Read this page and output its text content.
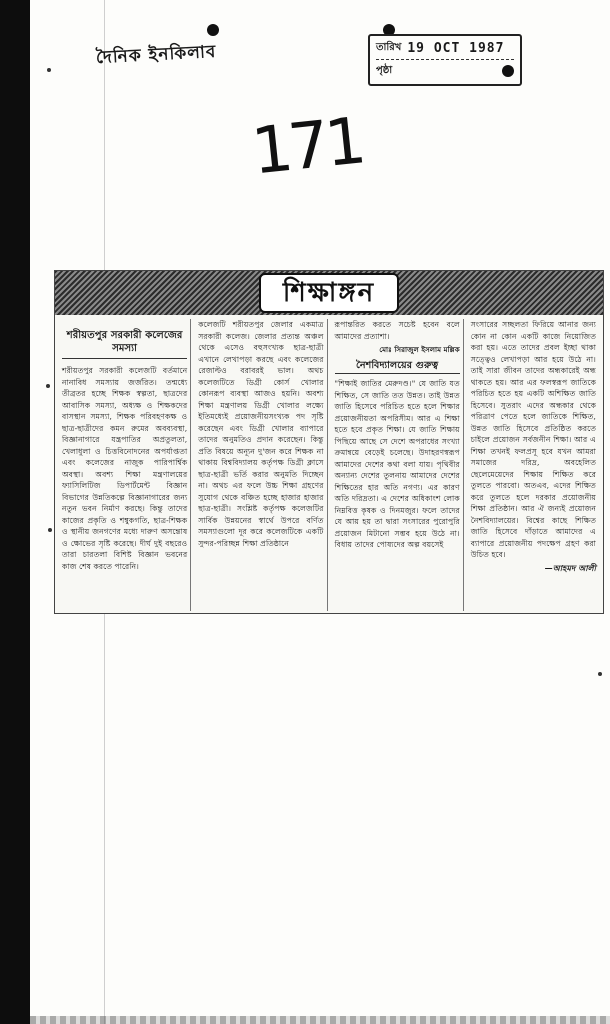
দৈনিক ইনকিলাব	তারিখ 19 OCT 1987
পৃষ্ঠা
171
শিক্ষাঙ্গন
শরীয়তপুর সরকারী কলেজের সমস্যা

শরীয়তপুর সরকারী কলেজটি বর্তমানে নানাবিধ সমস্যায় জর্জরিত। তন্মধ্যে তীব্রতর হচ্ছে শিক্ষক স্বল্পতা, ছাত্রদের আবাসিক সমস্যা, অধ্যক্ষ ও শিক্ষকদের বাসস্থান সমস্যা, শিক্ষক পরিবহণকক্ষ ও ছাত্র-ছাত্রীদের কমন রুমের অবব্যবস্থা, বিজ্ঞানাগারে যন্ত্রপাতির অপ্রতুলতা, খেলাধুলা ও চিত্তবিনোদনের অপর্যাপ্ততা এবং কলেজের নাজুক পারিপার্শ্বিক অবস্থা। অবশ্য শিক্ষা মন্ত্রণালয়ের ফ্যাসিলিটিজ ডিপার্টমেন্ট বিজ্ঞান বিভাগের উন্নতিকল্পে বিজ্ঞানাগারের জন্য নতুন ভবন নির্মাণ করছে। কিন্তু তাদের কাজের প্রকৃতি ও শম্বুকগতি, ছাত্র-শিক্ষক ও স্থানীয় জনগণের মধ্যে দারুণ অসন্তোষ ও ক্ষোভের সৃষ্টি করেছে। দীর্ঘ দুই বছরেও তারা চারতলা বিশিষ্ট বিজ্ঞান ভবনের কাজ শেষ করতে পারেনি।

কলেজটি শরীয়তপুর জেলার একমাত্র সরকারী কলেজ। জেলার প্রত্যন্ত অঞ্চল থেকে এসেও বহুসংখ্যক ছাত্র-ছাত্রী এখানে লেখাপড়া করছে এবং কলেজের রেজাল্টও বরাবরই ভাল। অথচ কলেজটিতে ডিগ্রী কোর্স খোলার কোনরূপ ব্যবস্থা আজও হয়নি। অবশ্য শিক্ষা মন্ত্রণালয় ডিগ্রী খোলার লক্ষ্যে ইতিমধ্যেই প্রয়োজনীয়সংখ্যক পদ সৃষ্টি করেছেন এবং ডিগ্রী খোলার ব্যাপারে তাদের অনুমতিও প্রদান করেছেন। কিন্তু প্রতি বিষয়ে অন্যূন দু'জন করে শিক্ষক না থাকায় বিশ্ববিদ্যালয় কর্তৃপক্ষ ডিগ্রী ক্লাসে ছাত্র-ছাত্রী ভর্তি করার অনুমতি দিচ্ছেন না। অথচ এর ফলে উচ্চ শিক্ষা গ্রহণের সুযোগ থেকে বঞ্চিত হচ্ছে হাজার হাজার ছাত্র-ছাত্রী। সংশ্লিষ্ট কর্তৃপক্ষ কলেজটির সার্বিক উন্নয়নের স্বার্থে উপরে বর্ণিত সমস্যাগুলো দূর করে কলেজটিকে একটি সুন্দর-পরিচ্ছন্ন শিক্ষা প্রতিষ্ঠানে

রূপান্তরিত করতে সচেষ্ট হবেন বলে আমাদের প্রত্যাশা।

মোঃ সিরাজুল ইসলাম মল্লিক
নৈশবিদ্যালয়ের গুরুত্ব

"শিক্ষাই জাতির মেরুদণ্ড।" যে জাতি যত শিক্ষিত, সে জাতি তত উন্নত। তাই উন্নত জাতি হিসেবে পরিচিত হতে হলে শিক্ষার প্রয়োজনীয়তা অপরিসীম। আর এ শিক্ষা হতে হবে প্রকৃত শিক্ষা। যে জাতি শিক্ষায় পিছিয়ে আছে সে দেশে অপরাধের সংখ্যা ক্রমান্বয়ে বেড়েই চলেছে। উদাহরণস্বরূপ আমাদের দেশের কথা বলা যায়। পৃথিবীর অন্যান্য দেশের তুলনায় আমাদের দেশের শিক্ষিতের হার অতি নগণ্য। এর কারণ অতি দরিদ্রতা। এ দেশের অধিকাংশ লোক নিম্নবিত্ত কৃষক ও দিনমজুর। ফলে তাদের যে আয় হয় তা দ্বারা সংসারের পুরোপুরি প্রয়োজন মিটানো সম্ভব হয়ে উঠে না। বিধায় তাদের পোষ্যদের অল্প বয়সেই

সংসারের সচ্ছলতা ফিরিয়ে আনার জন্য কোন না কোন একটি কাজে নিয়োজিত করা হয়। এতে তাদের প্রবল ইচ্ছা থাকা সত্ত্বেও লেখাপড়া আর হয়ে উঠে না। তাই সারা জীবন তাদের অন্ধকারেই অন্ধ থাকতে হয়। আর এর ফলস্বরূপ জাতিকে পরিচিত হতে হয় একটি অশিক্ষিত জাতি হিসেবে। সুতরাং এদের অন্ধকার থেকে পরিত্রাণ পেতে হলে জাতিকে শিক্ষিত, উন্নত জাতি হিসেবে প্রতিষ্ঠিত করতে চাইলে প্রয়োজন সর্বজনীন শিক্ষা। আর এ শিক্ষা তখনই ফলপ্রসূ হবে যখন আমরা সমাজের দরিদ্র, অবহেলিত ছেলেমেয়েদের শিক্ষায় শিক্ষিত করে তুলতে পারবো। অতএব, এদের শিক্ষিত করে তুলতে হলে দরকার প্রয়োজনীয় শিক্ষা প্রতিষ্ঠান। আর ঐ জন্যই প্রয়োজন নৈশবিদ্যালয়ের। বিশ্বের কাছে শিক্ষিত জাতি হিসেবে দাঁড়াতে আমাদের এ ব্যাপারে প্রয়োজনীয় পদক্ষেপ গ্রহণ করা উচিত হবে।

—আহমদ আলী
